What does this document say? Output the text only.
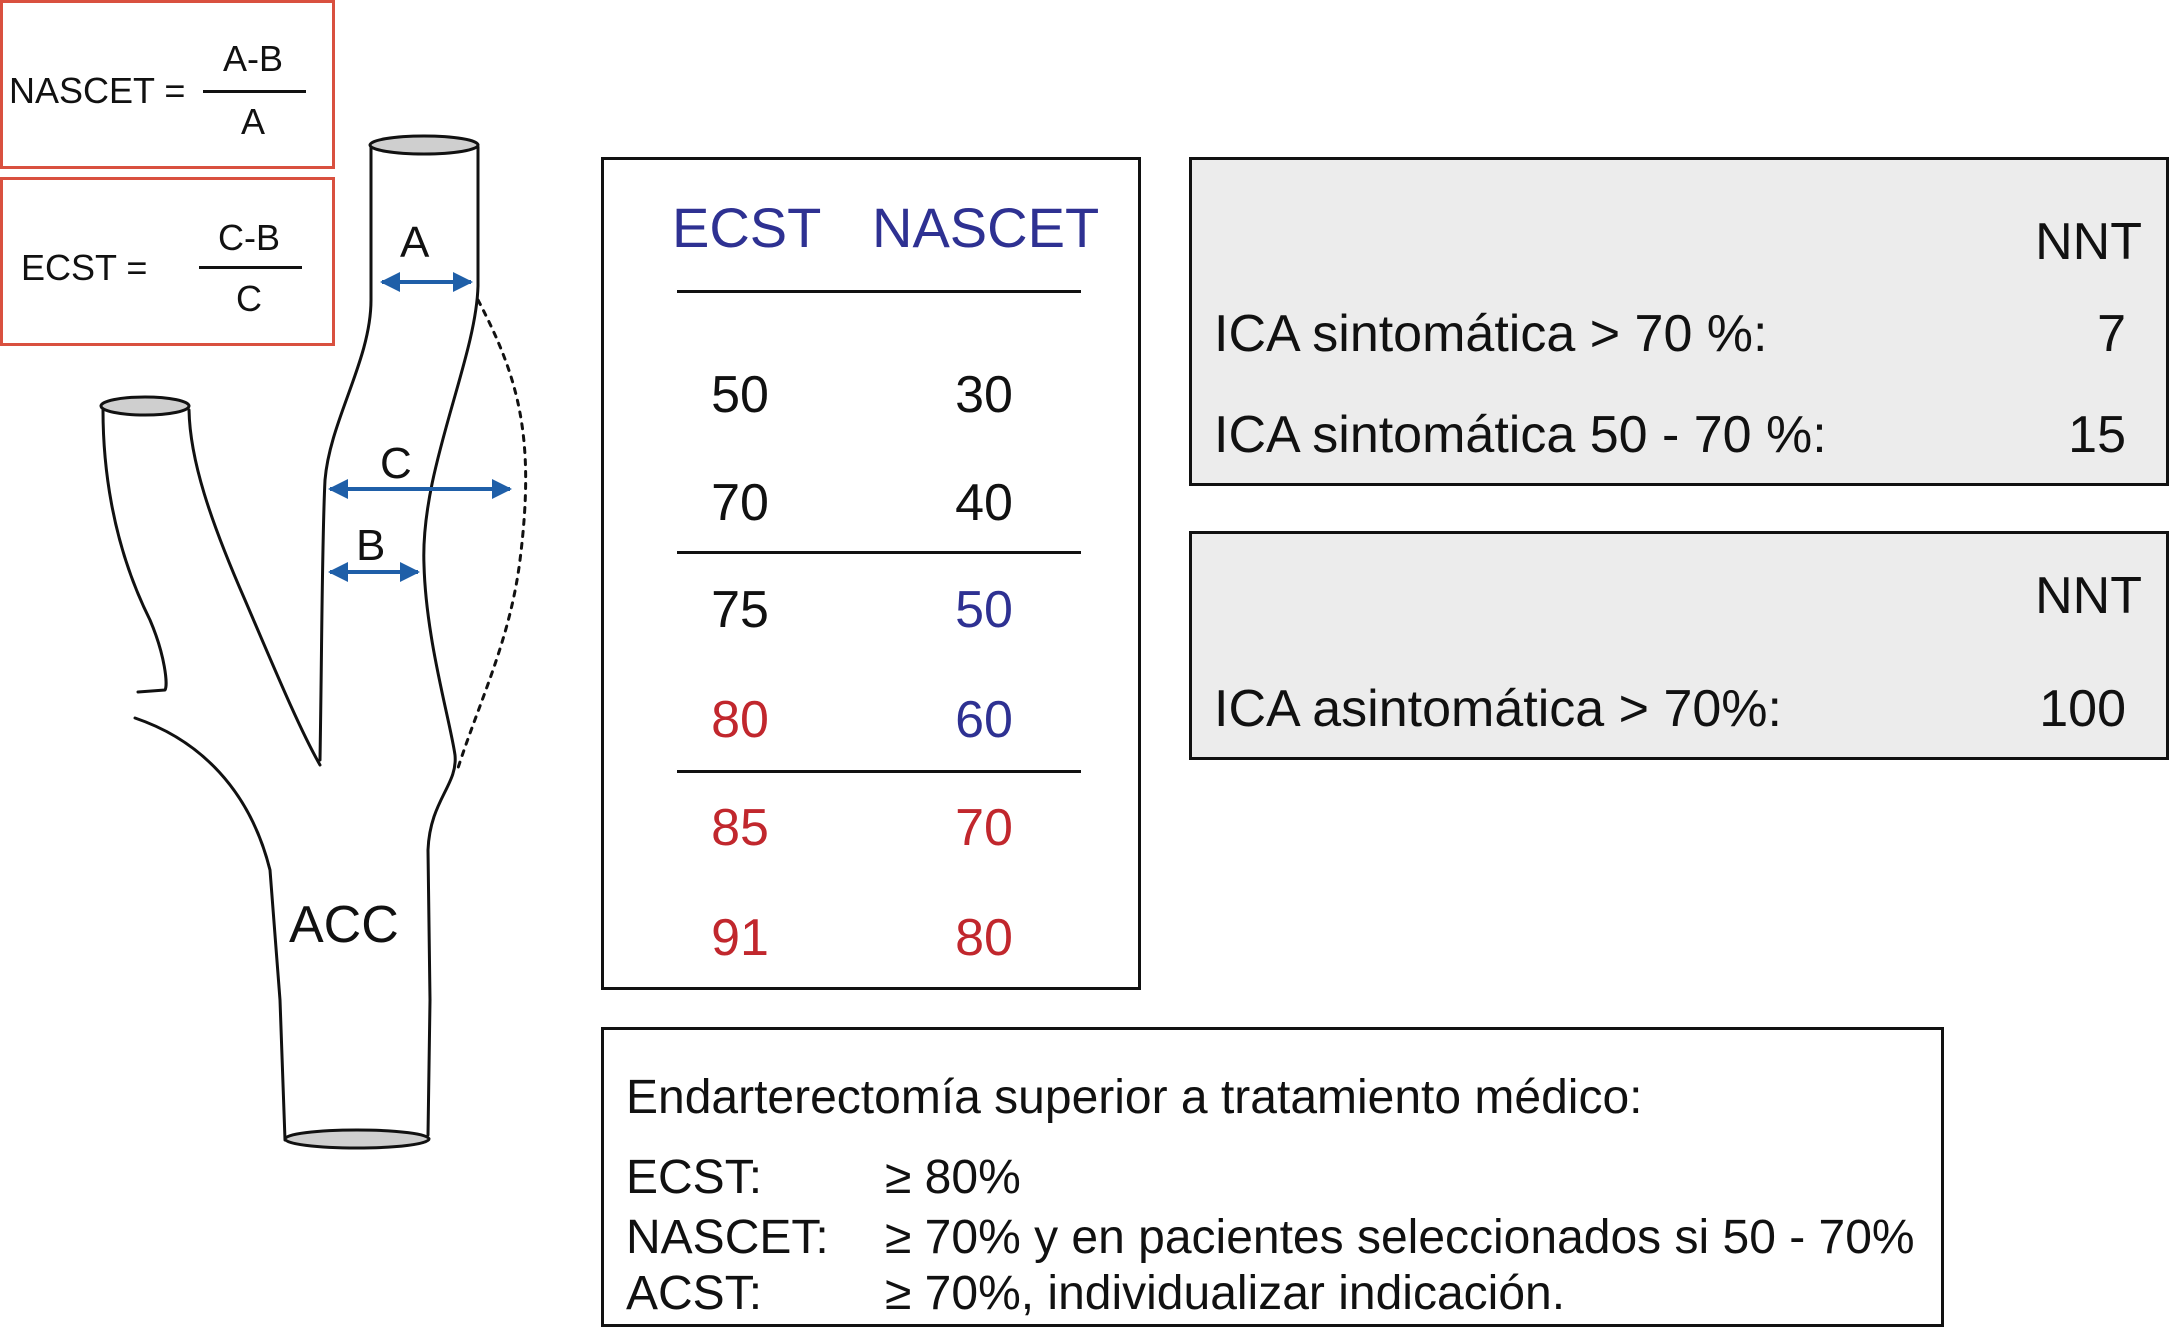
NASCET =
A-B
A
ECST =
C-B
C
A
C
B
ACC
ECST NASCET
50	30
70	40
75	50
80	60
85	70
91	80
NNT
ICA sintomática > 70 %:	7
ICA sintomática 50 - 70 %:	15
NNT
ICA asintomática > 70%:	100
Endarterectomía superior a tratamiento médico:
ECST:	≥ 80%
NASCET: ≥ 70% y en pacientes seleccionados si 50 - 70%
ACST:	≥ 70%, individualizar indicación.
